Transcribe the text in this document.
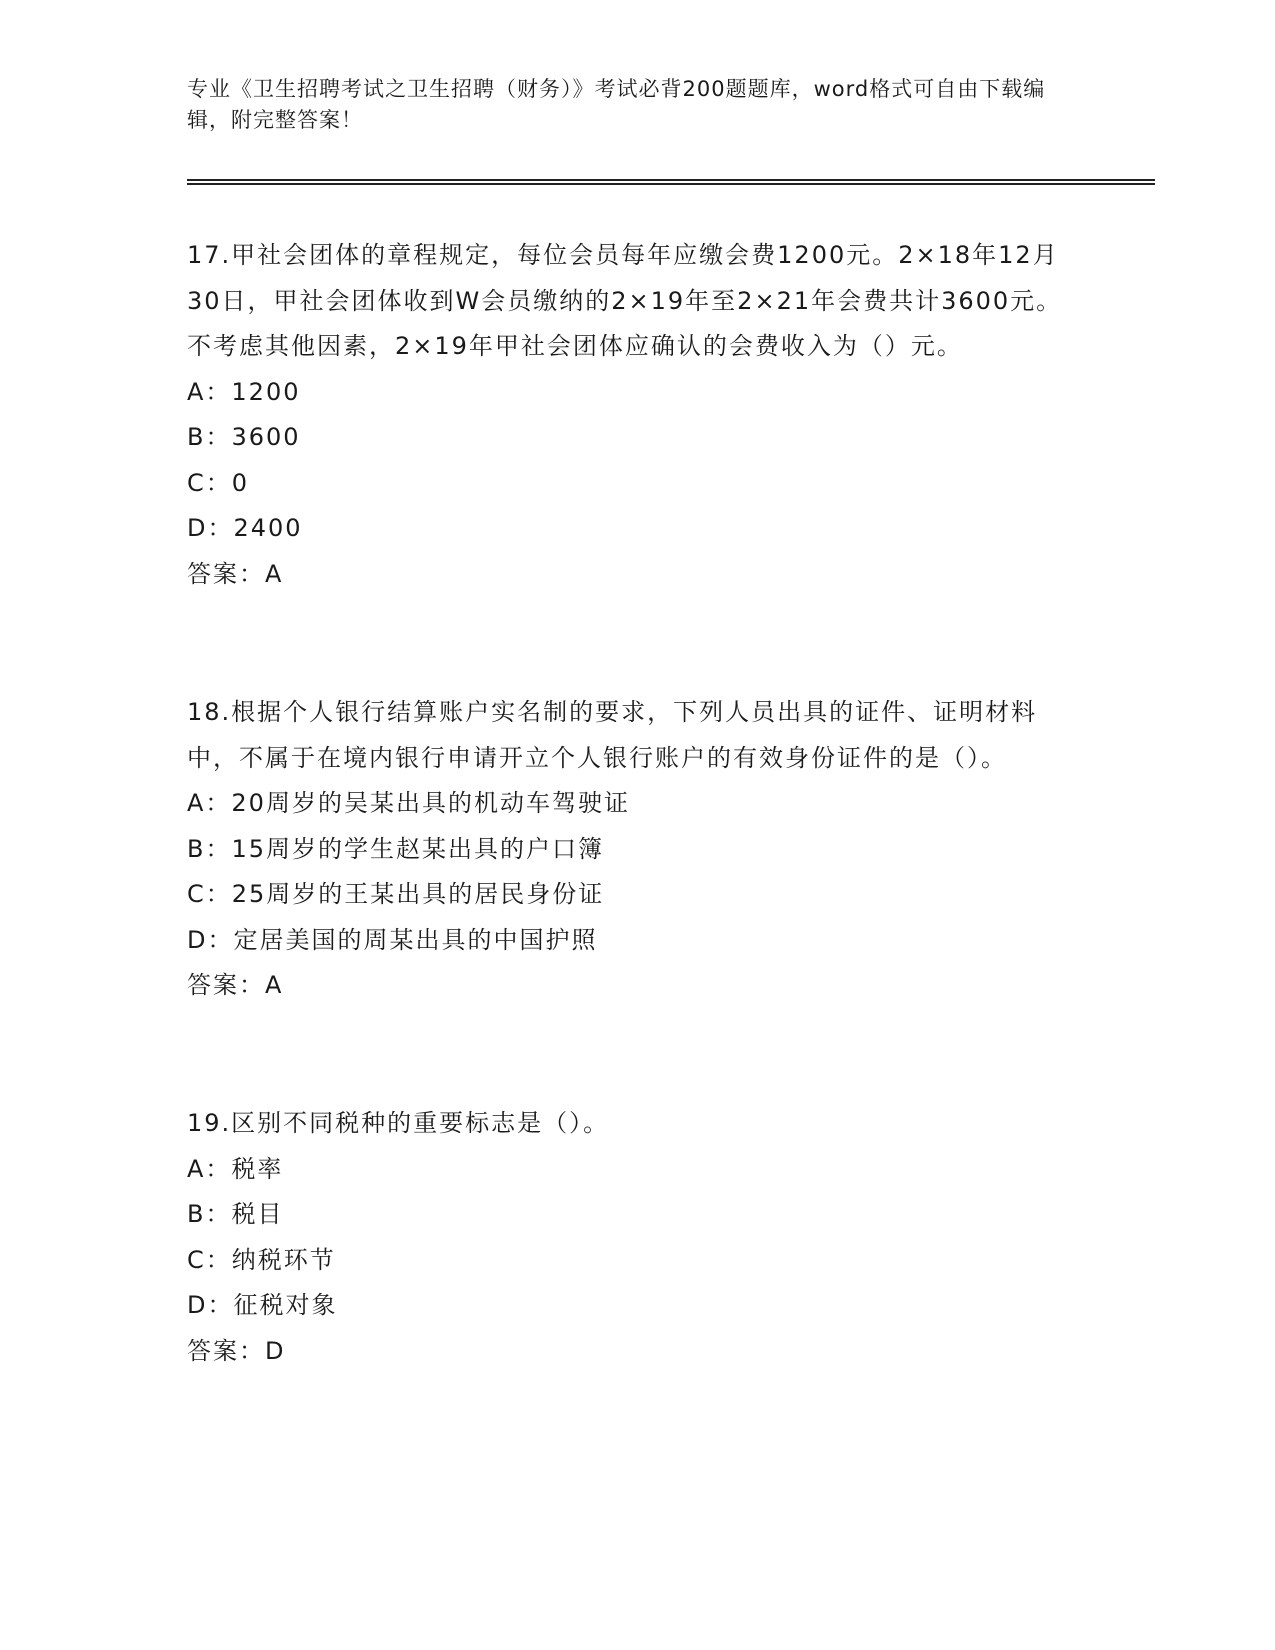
专业《卫生招聘考试之卫生招聘（财务）》考试必背200题题库，word格式可自由下载编辑，附完整答案！
17.甲社会团体的章程规定，每位会员每年应缴会费1200元。2×18年12月30日，甲社会团体收到W会员缴纳的2×19年至2×21年会费共计3600元。不考虑其他因素，2×19年甲社会团体应确认的会费收入为（）元。
A：1200
B：3600
C：0
D：2400
答案：A
18.根据个人银行结算账户实名制的要求，下列人员出具的证件、证明材料中，不属于在境内银行申请开立个人银行账户的有效身份证件的是（）。
A：20周岁的吴某出具的机动车驾驶证
B：15周岁的学生赵某出具的户口簿
C：25周岁的王某出具的居民身份证
D：定居美国的周某出具的中国护照
答案：A
19.区别不同税种的重要标志是（）。
A：税率
B：税目
C：纳税环节
D：征税对象
答案：D
